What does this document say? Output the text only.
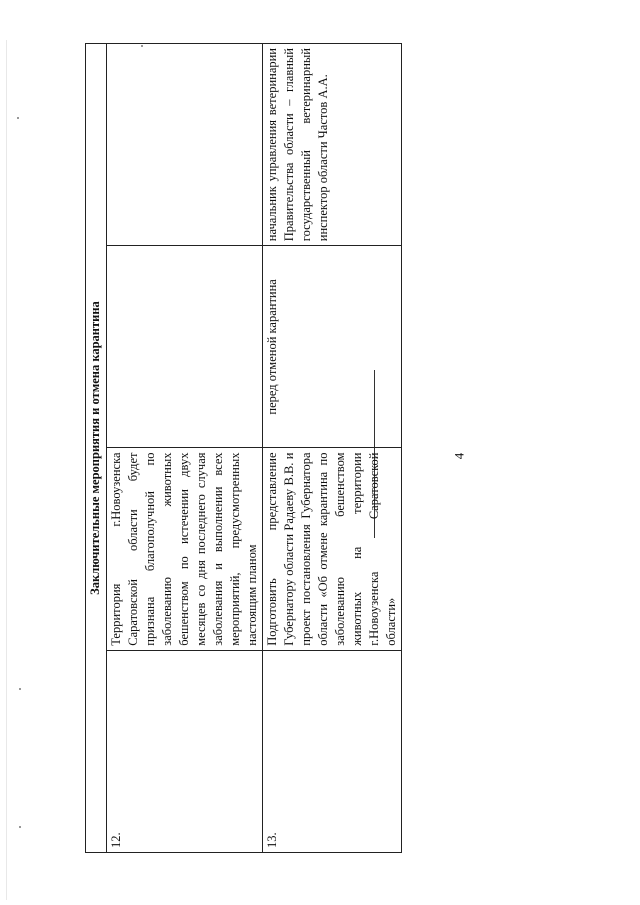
4
Заключительные мероприятия и отмена карантина			
12.	Территория г.Новоузенска Саратовской области будет признана благополучной по заболеванию животных бешенством по истечении двух месяцев со дня последнего случая заболевания и выполнении всех мероприятий, предусмотренных настоящим планом		
13.	Подготовить представление Губернатору области Радаеву В.В. и проект постановления Губернатора области «Об отмене карантина по заболеванию бешенством животных на территории г.Новоузенска Саратовской области»	перед отменой карантина	начальник управления ветеринарии Правительства области – главный государственный ветеринарный инспектор области Частов А.А.
